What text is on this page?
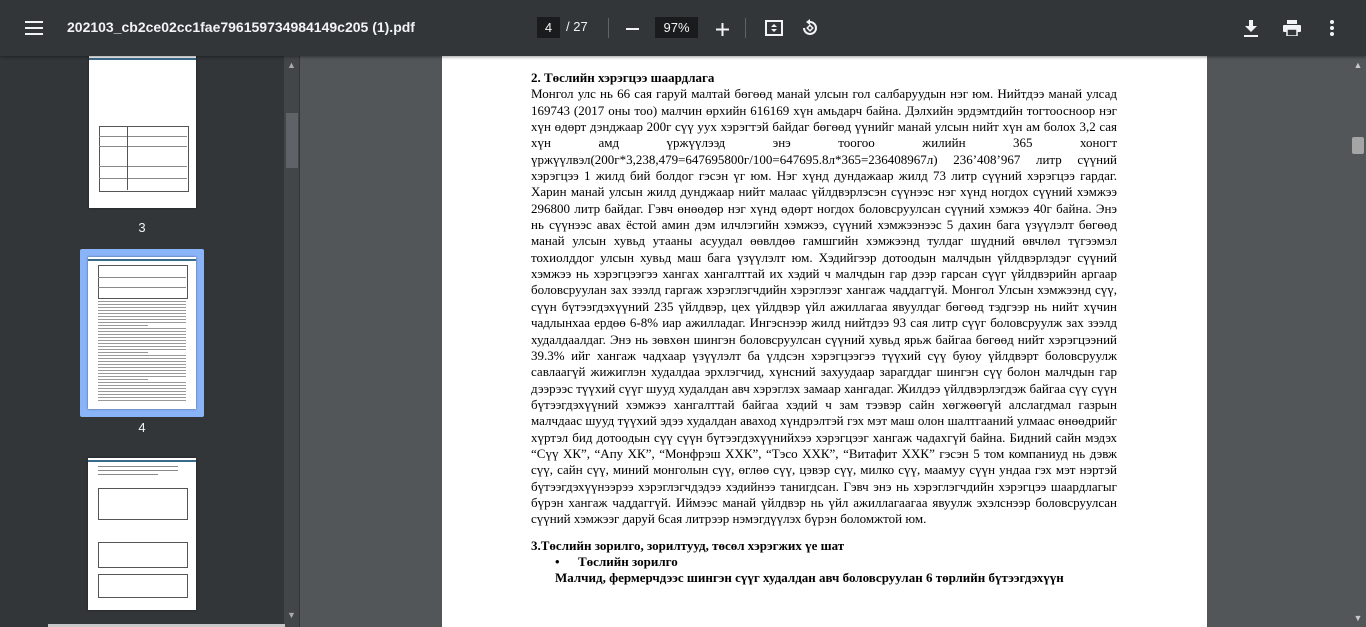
202103_cb2ce02cc1fae796159734984149c205 (1).pdf
4	/ 27
97%
3
4
▲
▼
2. Төслийн хэрэгцээ шаардлага

Монгол улс нь 66 сая гаруй малтай бөгөөд манай улсын гол салбаруудын нэг юм. Нийтдээ манай улсад 169743 (2017 оны тоо) малчин өрхийн 616169 хүн амьдарч байна. Дэлхийн эрдэмтдийн тогтоосноор нэг хүн өдөрт дэнджаар 200г сүү уух хэрэгтэй байдаг бөгөөд үүнийг манай улсын нийт хүн ам болох 3,2 сая хүн амд үржүүлээд энэ тоогоо жилийн 365 хоногт үржүүлвэл(200г*3,238,479=647695800г/100=647695.8л*365=236408967л) 236’408’967 литр сүүний хэрэгцээ 1 жилд бий болдог гэсэн үг юм. Нэг хүнд дундажаар жилд 73 литр сүүний хэрэгцээ гардаг. Харин манай улсын жилд дунджаар нийт малаас үйлдвэрлэсэн сүүнээс нэг хүнд ногдох сүүний хэмжээ 296800 литр байдаг. Гэвч өнөөдөр нэг хүнд өдөрт ногдох боловсруулсан сүүний хэмжээ 40г байна. Энэ нь сүүнээс авах ёстой амин дэм илчлэгийн хэмжээ, сүүний хэмжээнээс 5 дахин бага үзүүлэлт бөгөөд манай улсын хувьд утааны асуудал өөвлдөө гамшгийн хэмжээнд тулдаг шүдний өвчлөл түгээмэл тохиолддог улсын хувьд маш бага үзүүлэлт юм. Хэдийгээр дотоодын малчдын үйлдвэрлэдэг сүүний хэмжээ нь хэрэгцээгээ хангах хангалттай их хэдий ч малчдын гар дээр гарсан сүүг үйлдвэрийн аргаар боловсруулан зах зээлд гаргаж хэрэглэгчдийн хэрэглээг хангаж чаддаггүй. Монгол Улсын хэмжээнд сүү, сүүн бүтээгдэхүүний 235 үйлдвэр, цех үйлдвэр үйл ажиллагаа явуулдаг бөгөөд тэдгээр нь нийт хүчин чадлынхаа ердөө 6-8% иар ажилладаг. Ингэснээр жилд нийтдээ 93 сая литр сүүг боловсруулж зах зээлд худалдаалдаг. Энэ нь зөвхөн шингэн боловсруулсан сүүний хувьд ярьж байгаа бөгөөд нийт хэрэгцээний 39.3% ийг хангаж чадхаар үзүүлэлт ба үлдсэн хэрэгцээгээ түүхий сүү буюу үйлдвэрт боловсруулж савлаагүй жижиглэн худалдаа эрхлэгчид, хүнсний захуудаар зарагддаг шингэн сүү болон малчдын гар дээрээс түүхий сүүг шууд худалдан авч хэрэглэх замаар хангадаг. Жилдээ үйлдвэрлэгдэж байгаа сүү сүүн бүтээгдэхүүний хэмжээ хангалттай байгаа хэдий ч зам тээвэр сайн хөгжөөгүй алслагдмал газрын малчдаас шууд түүхий эдээ худалдан аваход хүндрэлтэй гэх мэт маш олон шалтгааний улмаас өнөөдрийг хүртэл бид дотоодын сүү сүүн бүтээгдэхүүнийхээ хэрэгцээг хангаж чадахгүй байна. Бидний сайн мэдэх “Сүү ХК”, “Апу ХК”, “Монфрэш ХХК”, “Тэсо ХХК”, “Витафит ХХК” гэсэн 5 том компаниуд нь дэвж сүү, сайн сүү, миний монголын сүү, өглөө сүү, цэвэр сүү, милко сүү, маамуу сүүн ундаа гэх мэт нэртэй бүтээгдэхүүнээрээ хэрэглэгчдэдээ хэдийнээ танигдсан. Гэвч энэ нь хэрэглэгчдийн хэрэгцээ шаардлагыг бүрэн хангаж чаддаггүй. Иймээс манай үйлдвэр нь үйл ажиллагаагаа явуулж эхэлснээр боловсруулсан сүүний хэмжээг даруй 6сая литрээр нэмэгдүүлэх бүрэн боломжтой юм.

3.Төслийн зорилго, зорилтууд, төсөл хэрэгжих үе шат
• Төслийн зорилго
Малчид, фермерчдээс шингэн сүүг худалдан авч боловсруулан 6 төрлийн бүтээгдэхүүн
▲
▼
